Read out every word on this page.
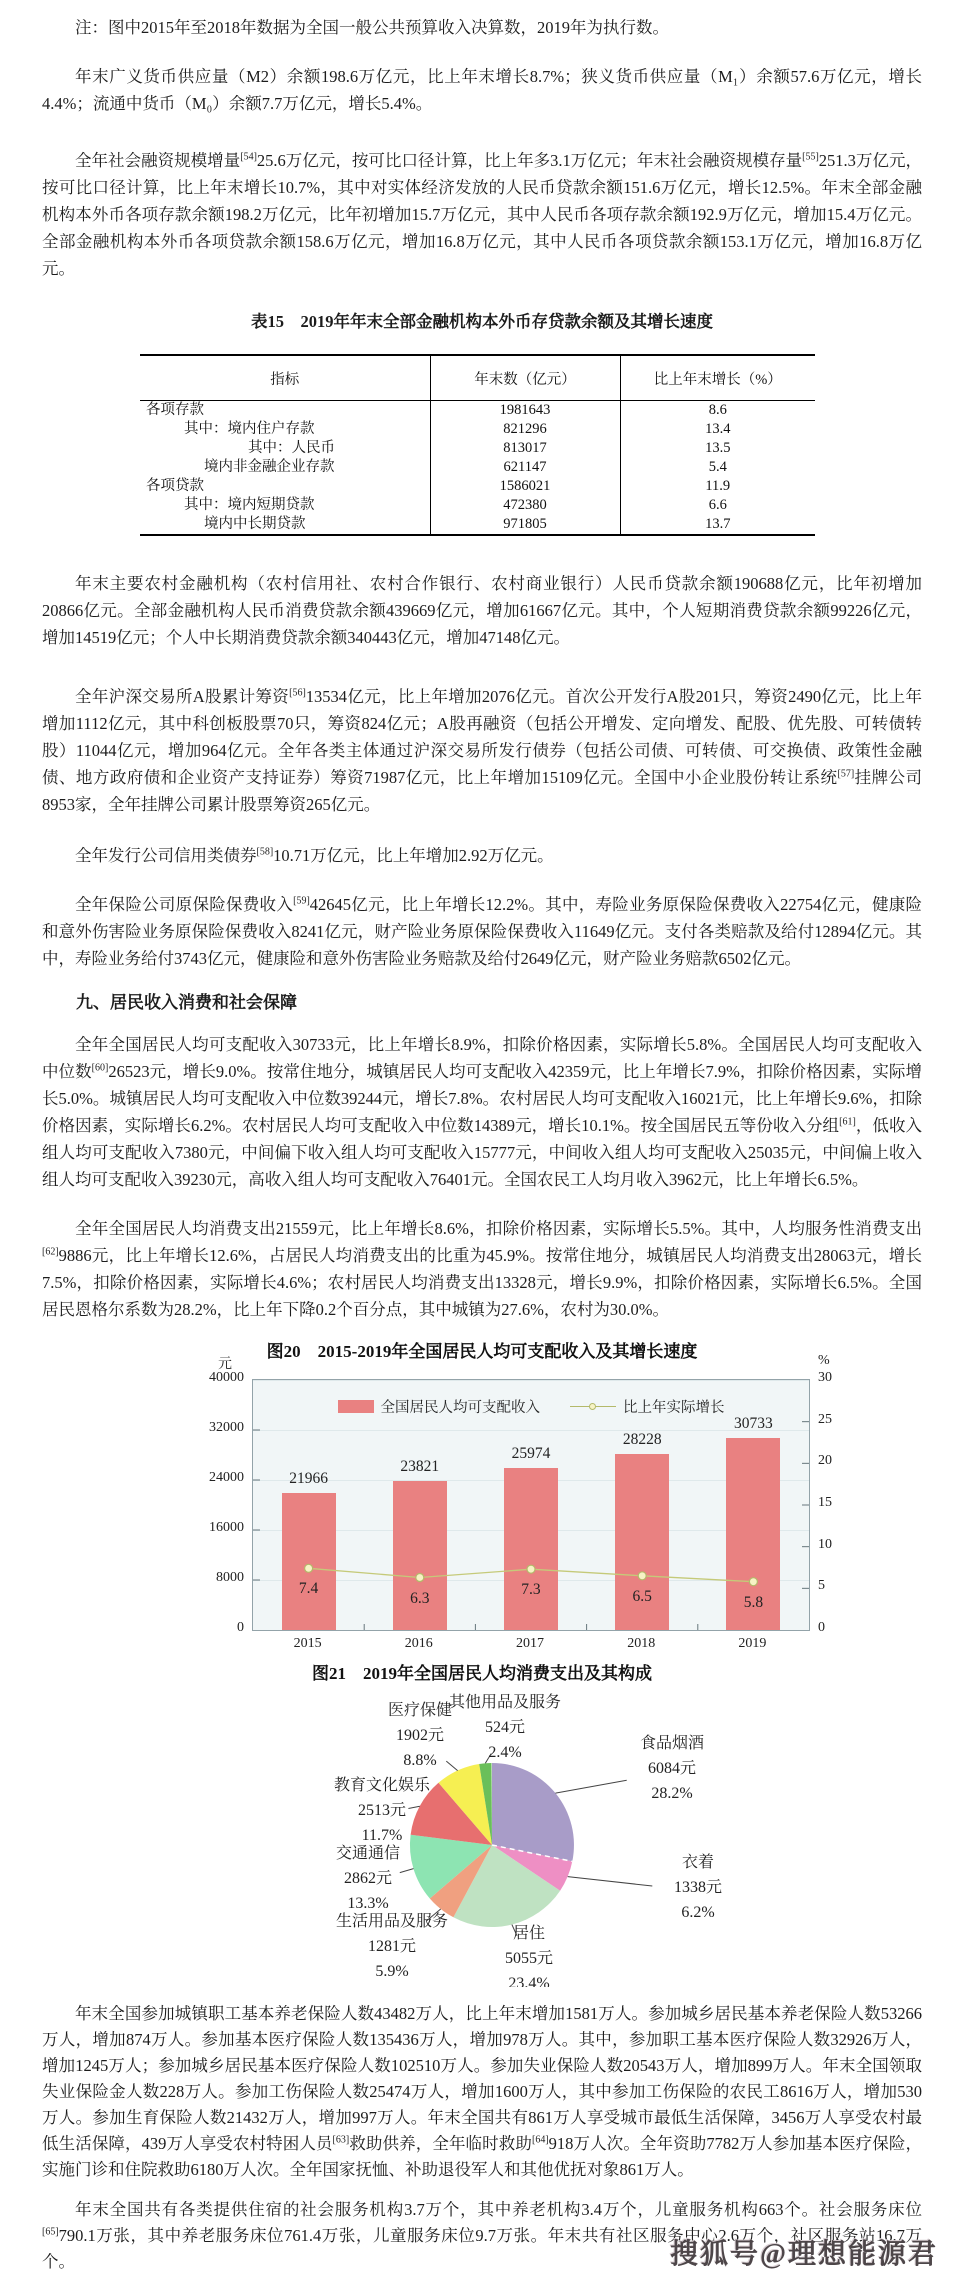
注：图中2015年至2018年数据为全国一般公共预算收入决算数，2019年为执行数。

年末广义货币供应量（M2）余额198.6万亿元，比上年末增长8.7%；狭义货币供应量（M₁）余额57.6万亿元，增长4.4%；流通中货币（M₀）余额7.7万亿元，增长5.4%。

全年社会融资规模增量[54]25.6万亿元，按可比口径计算，比上年多3.1万亿元；年末社会融资规模存量[55]251.3万亿元，按可比口径计算，比上年末增长10.7%，其中对实体经济发放的人民币贷款余额151.6万亿元，增长12.5%。年末全部金融机构本外币各项存款余额198.2万亿元，比年初增加15.7万亿元，其中人民币各项存款余额192.9万亿元，增加15.4万亿元。全部金融机构本外币各项贷款余额158.6万亿元，增加16.8万亿元，其中人民币各项贷款余额153.1万亿元，增加16.8万亿元。

表15　2019年年末全部金融机构本外币存贷款余额及其增长速度
指标	年末数（亿元）	比上年末增长（%）
各项存款	1981643	8.6
其中：境内住户存款	821296	13.4
其中：人民币	813017	13.5
境内非金融企业存款	621147	5.4
各项贷款	1586021	11.9
其中：境内短期贷款	472380	6.6
境内中长期贷款	971805	13.7

年末主要农村金融机构（农村信用社、农村合作银行、农村商业银行）人民币贷款余额190688亿元，比年初增加20866亿元。全部金融机构人民币消费贷款余额439669亿元，增加61667亿元。其中，个人短期消费贷款余额99226亿元，增加14519亿元；个人中长期消费贷款余额340443亿元，增加47148亿元。

全年沪深交易所A股累计筹资[56]13534亿元，比上年增加2076亿元。首次公开发行A股201只，筹资2490亿元，比上年增加1112亿元，其中科创板股票70只，筹资824亿元；A股再融资（包括公开增发、定向增发、配股、优先股、可转债转股）11044亿元，增加964亿元。全年各类主体通过沪深交易所发行债券（包括公司债、可转债、可交换债、政策性金融债、地方政府债和企业资产支持证券）筹资71987亿元，比上年增加15109亿元。全国中小企业股份转让系统[57]挂牌公司8953家，全年挂牌公司累计股票筹资265亿元。

全年发行公司信用类债券[58]10.71万亿元，比上年增加2.92万亿元。

全年保险公司原保险保费收入[59]42645亿元，比上年增长12.2%。其中，寿险业务原保险保费收入22754亿元，健康险和意外伤害险业务原保险保费收入8241亿元，财产险业务原保险保费收入11649亿元。支付各类赔款及给付12894亿元。其中，寿险业务给付3743亿元，健康险和意外伤害险业务赔款及给付2649亿元，财产险业务赔款6502亿元。

九、居民收入消费和社会保障

全年全国居民人均可支配收入30733元，比上年增长8.9%，扣除价格因素，实际增长5.8%。全国居民人均可支配收入中位数[60]26523元，增长9.0%。按常住地分，城镇居民人均可支配收入42359元，比上年增长7.9%，扣除价格因素，实际增长5.0%。城镇居民人均可支配收入中位数39244元，增长7.8%。农村居民人均可支配收入16021元，比上年增长9.6%，扣除价格因素，实际增长6.2%。农村居民人均可支配收入中位数14389元，增长10.1%。按全国居民五等份收入分组[61]，低收入组人均可支配收入7380元，中间偏下收入组人均可支配收入15777元，中间收入组人均可支配收入25035元，中间偏上收入组人均可支配收入39230元，高收入组人均可支配收入76401元。全国农民工人均月收入3962元，比上年增长6.5%。

全年全国居民人均消费支出21559元，比上年增长8.6%，扣除价格因素，实际增长5.5%。其中，人均服务性消费支出[62]9886元，比上年增长12.6%，占居民人均消费支出的比重为45.9%。按常住地分，城镇居民人均消费支出28063元，增长7.5%，扣除价格因素，实际增长4.6%；农村居民人均消费支出13328元，增长9.9%，扣除价格因素，实际增长6.5%。全国居民恩格尔系数为28.2%，比上年下降0.2个百分点，其中城镇为27.6%，农村为30.0%。

图20　2015-2019年全国居民人均可支配收入及其增长速度
全国居民人均可支配收入	比上年实际增长
21966
23821
25974
28228
30733
7.4
6.3	7.3	6.5	5.8
元	%
0
8000
16000
24000
32000
40000
0
5
10
15
20
25
30
2015	2016	2017	2018	2019
图21　2019年全国居民人均消费支出及其构成
食品烟酒 6084元 28.2%
衣着 1338元 6.2%
居住 5055元 23.4%
生活用品及服务 1281元 5.9%
交通通信 2862元 13.3%
教育文化娱乐 2513元 11.7%
医疗保健 1902元 8.8%
其他用品及服务 524元 2.4%

年末全国参加城镇职工基本养老保险人数43482万人，比上年末增加1581万人。参加城乡居民基本养老保险人数53266万人，增加874万人。参加基本医疗保险人数135436万人，增加978万人。其中，参加职工基本医疗保险人数32926万人，增加1245万人；参加城乡居民基本医疗保险人数102510万人。参加失业保险人数20543万人，增加899万人。年末全国领取失业保险金人数228万人。参加工伤保险人数25474万人，增加1600万人，其中参加工伤保险的农民工8616万人，增加530万人。参加生育保险人数21432万人，增加997万人。年末全国共有861万人享受城市最低生活保障，3456万人享受农村最低生活保障，439万人享受农村特困人员[63]救助供养，全年临时救助[64]918万人次。全年资助7782万人参加基本医疗保险，实施门诊和住院救助6180万人次。全年国家抚恤、补助退役军人和其他优抚对象861万人。

年末全国共有各类提供住宿的社会服务机构3.7万个，其中养老机构3.4万个，儿童服务机构663个。社会服务床位[65]790.1万张，其中养老服务床位761.4万张，儿童服务床位9.7万张。年末共有社区服务中心2.6万个，社区服务站16.7万个。	搜狐号@理想能源君
